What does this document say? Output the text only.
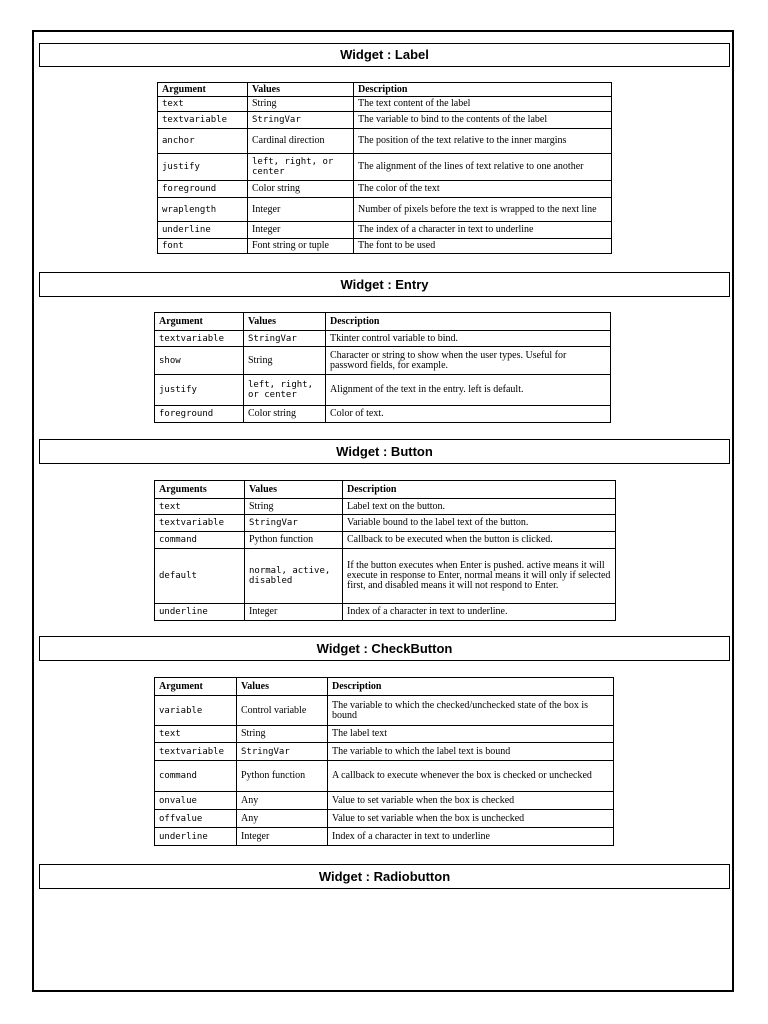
Widget : Label
Argument	Values	Description
text	String	The text content of the label
textvariable	StringVar	The variable to bind to the contents of the label
anchor	Cardinal direction	The position of the text relative to the inner margins
justify	left, right, or center	The alignment of the lines of text relative to one another
foreground	Color string	The color of the text
wraplength	Integer	Number of pixels before the text is wrapped to the next line
underline	Integer	The index of a character in text to underline
font	Font string or tuple	The font to be used
Widget : Entry
Argument	Values	Description
textvariable	StringVar	Tkinter control variable to bind.
show	String	Character or string to show when the user types. Useful for password fields, for example.
justify	left, right, or center	Alignment of the text in the entry. left is default.
foreground	Color string	Color of text.
Widget : Button
Arguments	Values	Description
text	String	Label text on the button.
textvariable	StringVar	Variable bound to the label text of the button.
command	Python function	Callback to be executed when the button is clicked.
default	normal, active, disabled	If the button executes when Enter is pushed. active means it will execute in response to Enter, normal means it will only if selected first, and disabled means it will not respond to Enter.
underline	Integer	Index of a character in text to underline.
Widget : CheckButton
Argument	Values	Description
variable	Control variable	The variable to which the checked/unchecked state of the box is bound
text	String	The label text
textvariable	StringVar	The variable to which the label text is bound
command	Python function	A callback to execute whenever the box is checked or unchecked
onvalue	Any	Value to set variable when the box is checked
offvalue	Any	Value to set variable when the box is unchecked
underline	Integer	Index of a character in text to underline
Widget : Radiobutton
